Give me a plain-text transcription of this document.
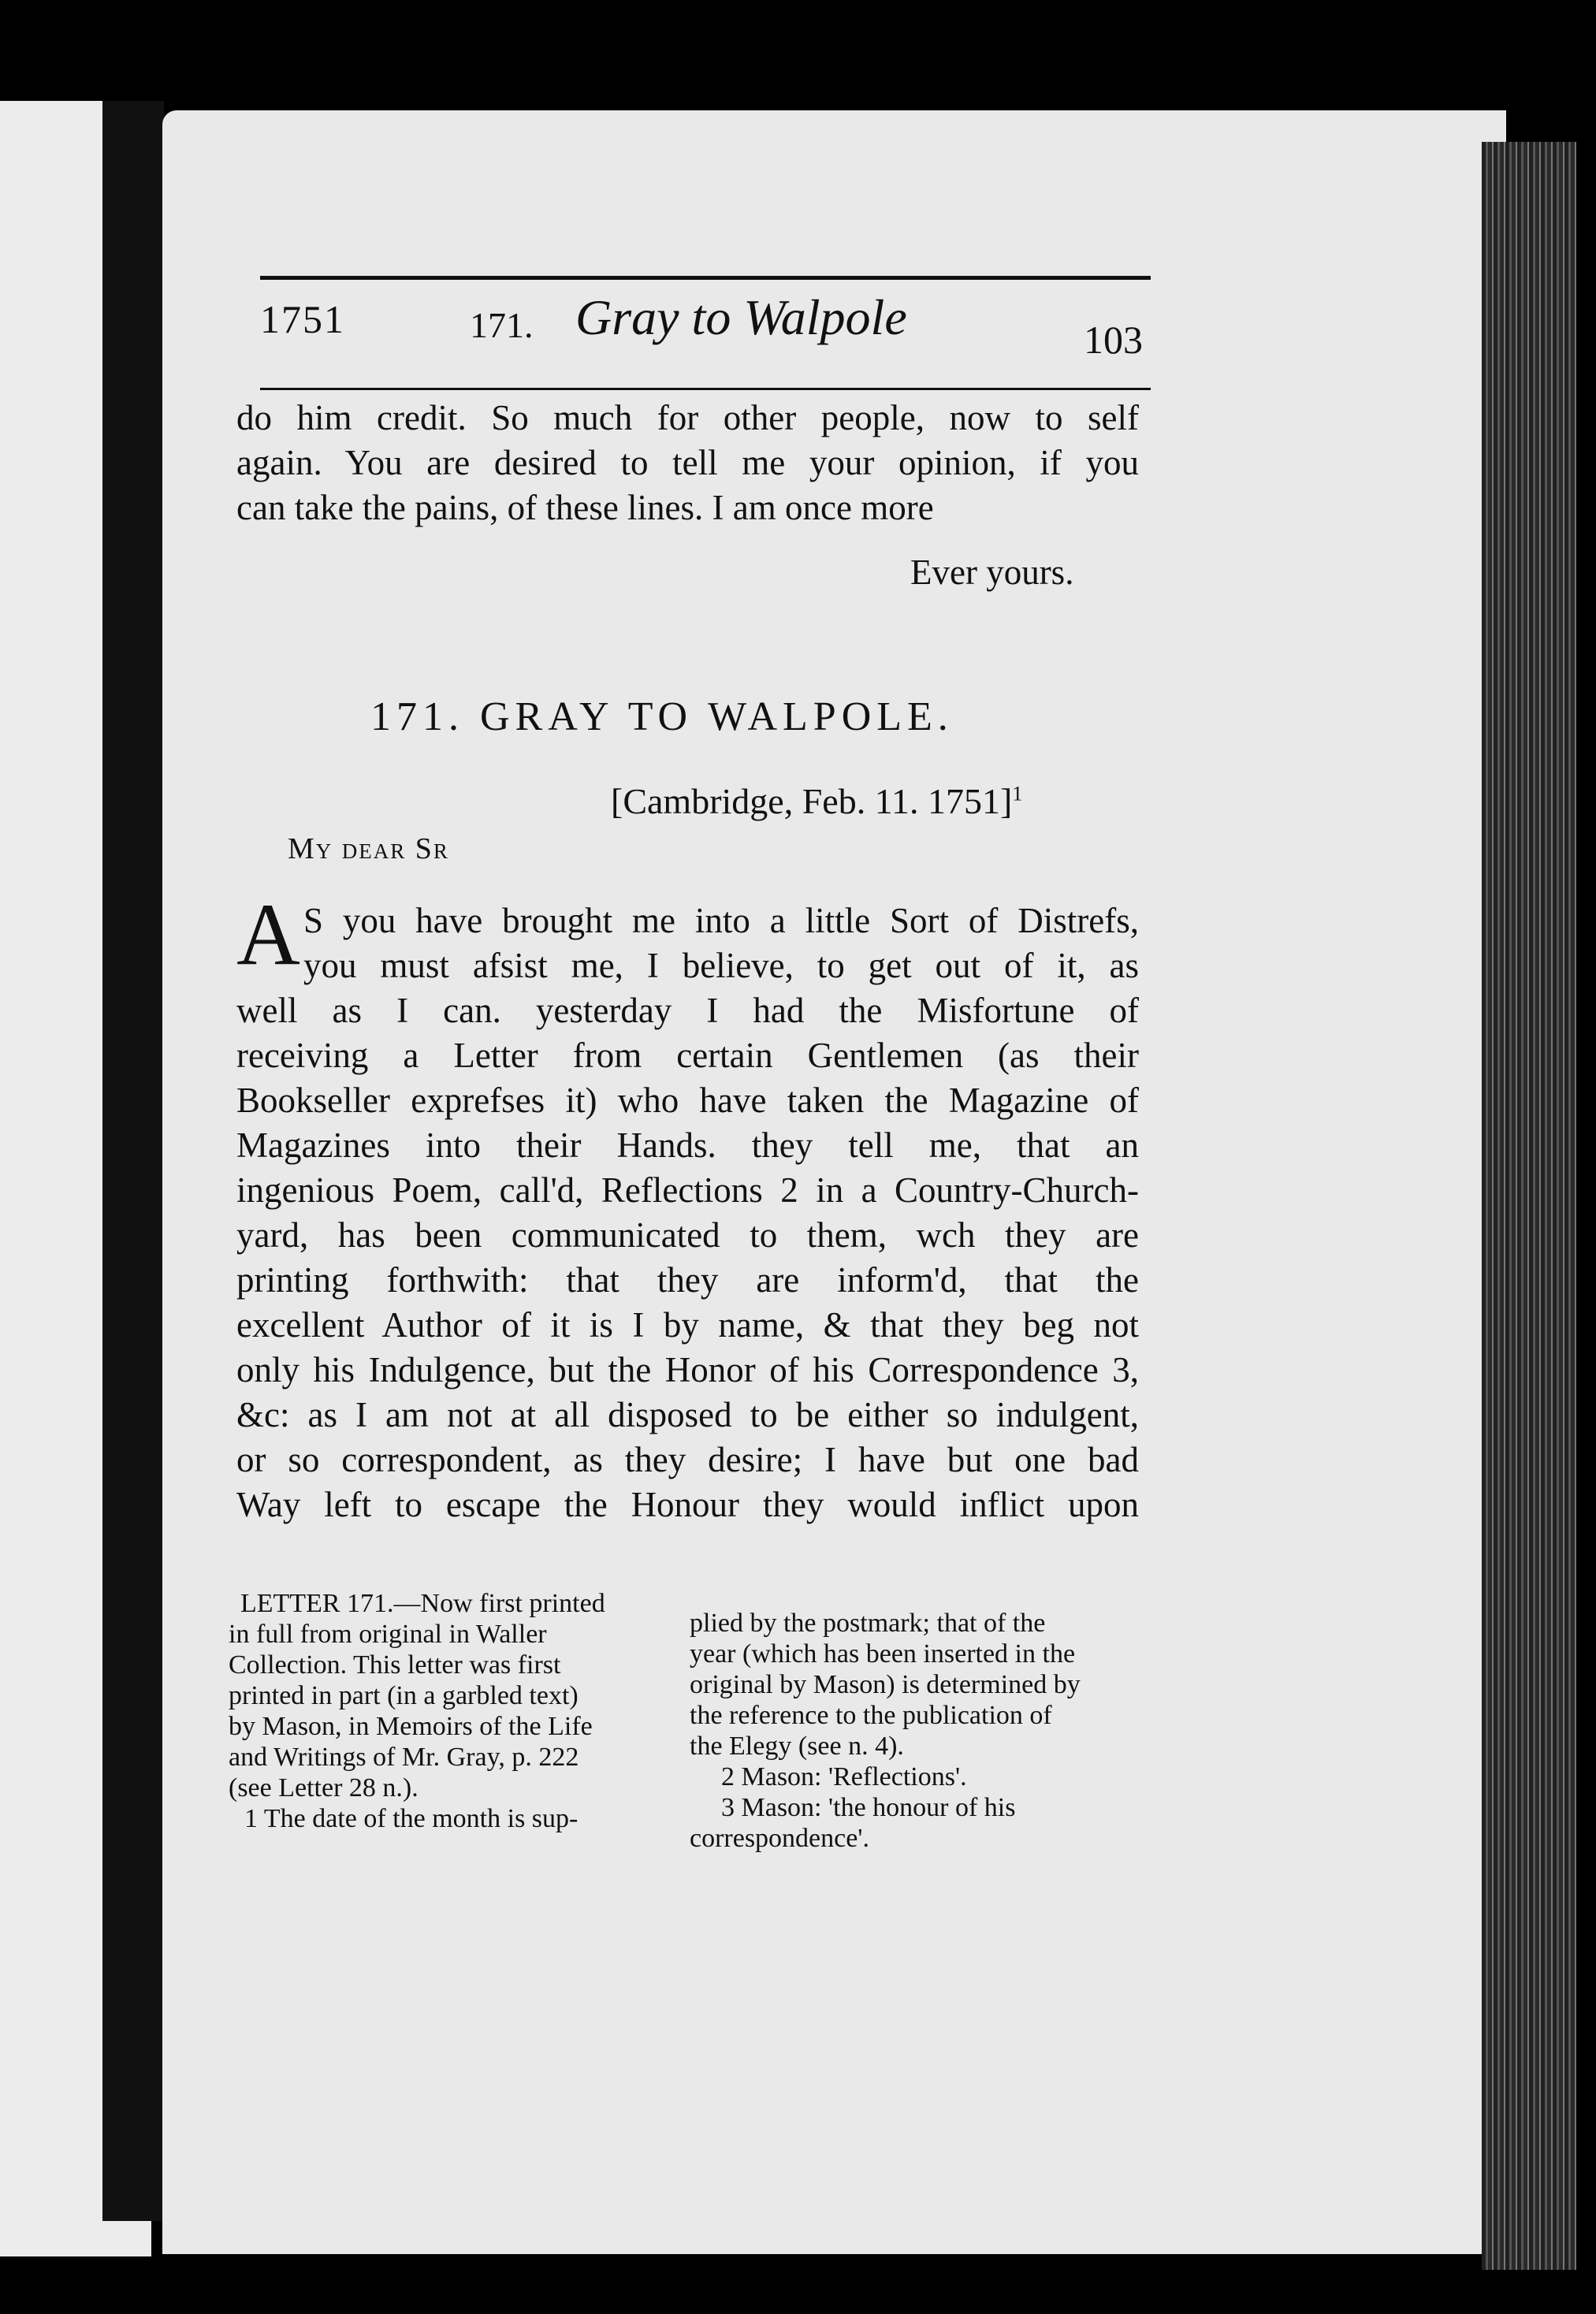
1751	171. Gray to Walpole	103
do him credit. So much for other people, now to self
again. You are desired to tell me your opinion, if you
can take the pains, of these lines. I am once more
Ever yours.
171. GRAY TO WALPOLE.
[Cambridge, Feb. 11. 1751]$^1$
My dear Sr
A S you have brought me into a little Sort of Distrefs,
you must afsist me, I believe, to get out of it, as
well as I can. yesterday I had the Misfortune of
receiving a Letter from certain Gentlemen (as their
Bookseller exprefses it) who have taken the Magazine of
Magazines into their Hands. they tell me, that an
ingenious Poem, call'd, Reflections 2 in a Country-Church-
yard, has been communicated to them, wch they are
printing forthwith: that they are inform'd, that the
excellent Author of it is I by name, & that they beg not
only his Indulgence, but the Honor of his Correspondence 3,
&c: as I am not at all disposed to be either so indulgent,
or so correspondent, as they desire; I have but one bad
Way left to escape the Honour they would inflict upon
LETTER 171.—Now first printed
in full from original in Waller
Collection. This letter was first
printed in part (in a garbled text)
by Mason, in Memoirs of the Life
and Writings of Mr. Gray, p. 222
(see Letter 28 n.).
1 The date of the month is sup-
plied by the postmark; that of the
year (which has been inserted in the
original by Mason) is determined by
the reference to the publication of
the Elegy (see n. 4).
2 Mason: 'Reflections'.
3 Mason: 'the honour of his
correspondence'.
